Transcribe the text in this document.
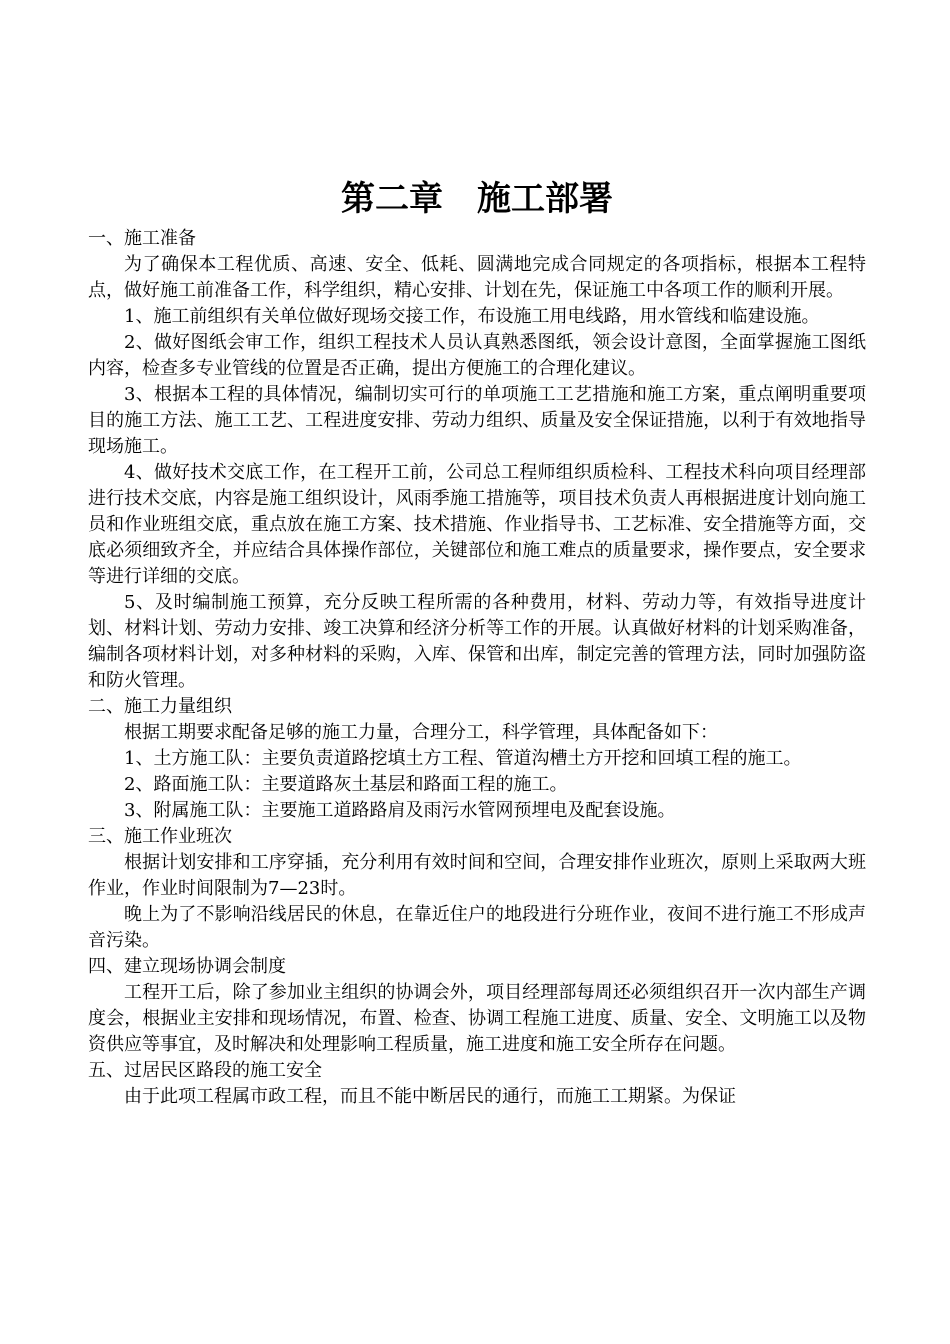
第二章　施工部署

一、施工准备

为了确保本工程优质、高速、安全、低耗、圆满地完成合同规定的各项指标，根据本工程特点，做好施工前准备工作，科学组织，精心安排、计划在先，保证施工中各项工作的顺利开展。

1、施工前组织有关单位做好现场交接工作，布设施工用电线路，用水管线和临建设施。

2、做好图纸会审工作，组织工程技术人员认真熟悉图纸，领会设计意图，全面掌握施工图纸内容，检查多专业管线的位置是否正确，提出方便施工的合理化建议。

3、根据本工程的具体情况，编制切实可行的单项施工工艺措施和施工方案，重点阐明重要项目的施工方法、施工工艺、工程进度安排、劳动力组织、质量及安全保证措施，以利于有效地指导现场施工。

4、做好技术交底工作，在工程开工前，公司总工程师组织质检科、工程技术科向项目经理部进行技术交底，内容是施工组织设计，风雨季施工措施等，项目技术负责人再根据进度计划向施工员和作业班组交底，重点放在施工方案、技术措施、作业指导书、工艺标准、安全措施等方面，交底必须细致齐全，并应结合具体操作部位，关键部位和施工难点的质量要求，操作要点，安全要求等进行详细的交底。

5、及时编制施工预算，充分反映工程所需的各种费用，材料、劳动力等，有效指导进度计划、材料计划、劳动力安排、竣工决算和经济分析等工作的开展。认真做好材料的计划采购准备，编制各项材料计划，对多种材料的采购，入库、保管和出库，制定完善的管理方法，同时加强防盗和防火管理。

二、施工力量组织

根据工期要求配备足够的施工力量，合理分工，科学管理，具体配备如下：

1、土方施工队：主要负责道路挖填土方工程、管道沟槽土方开挖和回填工程的施工。

2、路面施工队：主要道路灰土基层和路面工程的施工。

3、附属施工队：主要施工道路路肩及雨污水管网预埋电及配套设施。

三、施工作业班次

根据计划安排和工序穿插，充分利用有效时间和空间，合理安排作业班次，原则上采取两大班作业，作业时间限制为7—23时。

晚上为了不影响沿线居民的休息，在靠近住户的地段进行分班作业，夜间不进行施工不形成声音污染。

四、建立现场协调会制度

工程开工后，除了参加业主组织的协调会外，项目经理部每周还必须组织召开一次内部生产调度会，根据业主安排和现场情况，布置、检查、协调工程施工进度、质量、安全、文明施工以及物资供应等事宜，及时解决和处理影响工程质量，施工进度和施工安全所存在问题。

五、过居民区路段的施工安全

由于此项工程属市政工程，而且不能中断居民的通行，而施工工期紧。为保证
